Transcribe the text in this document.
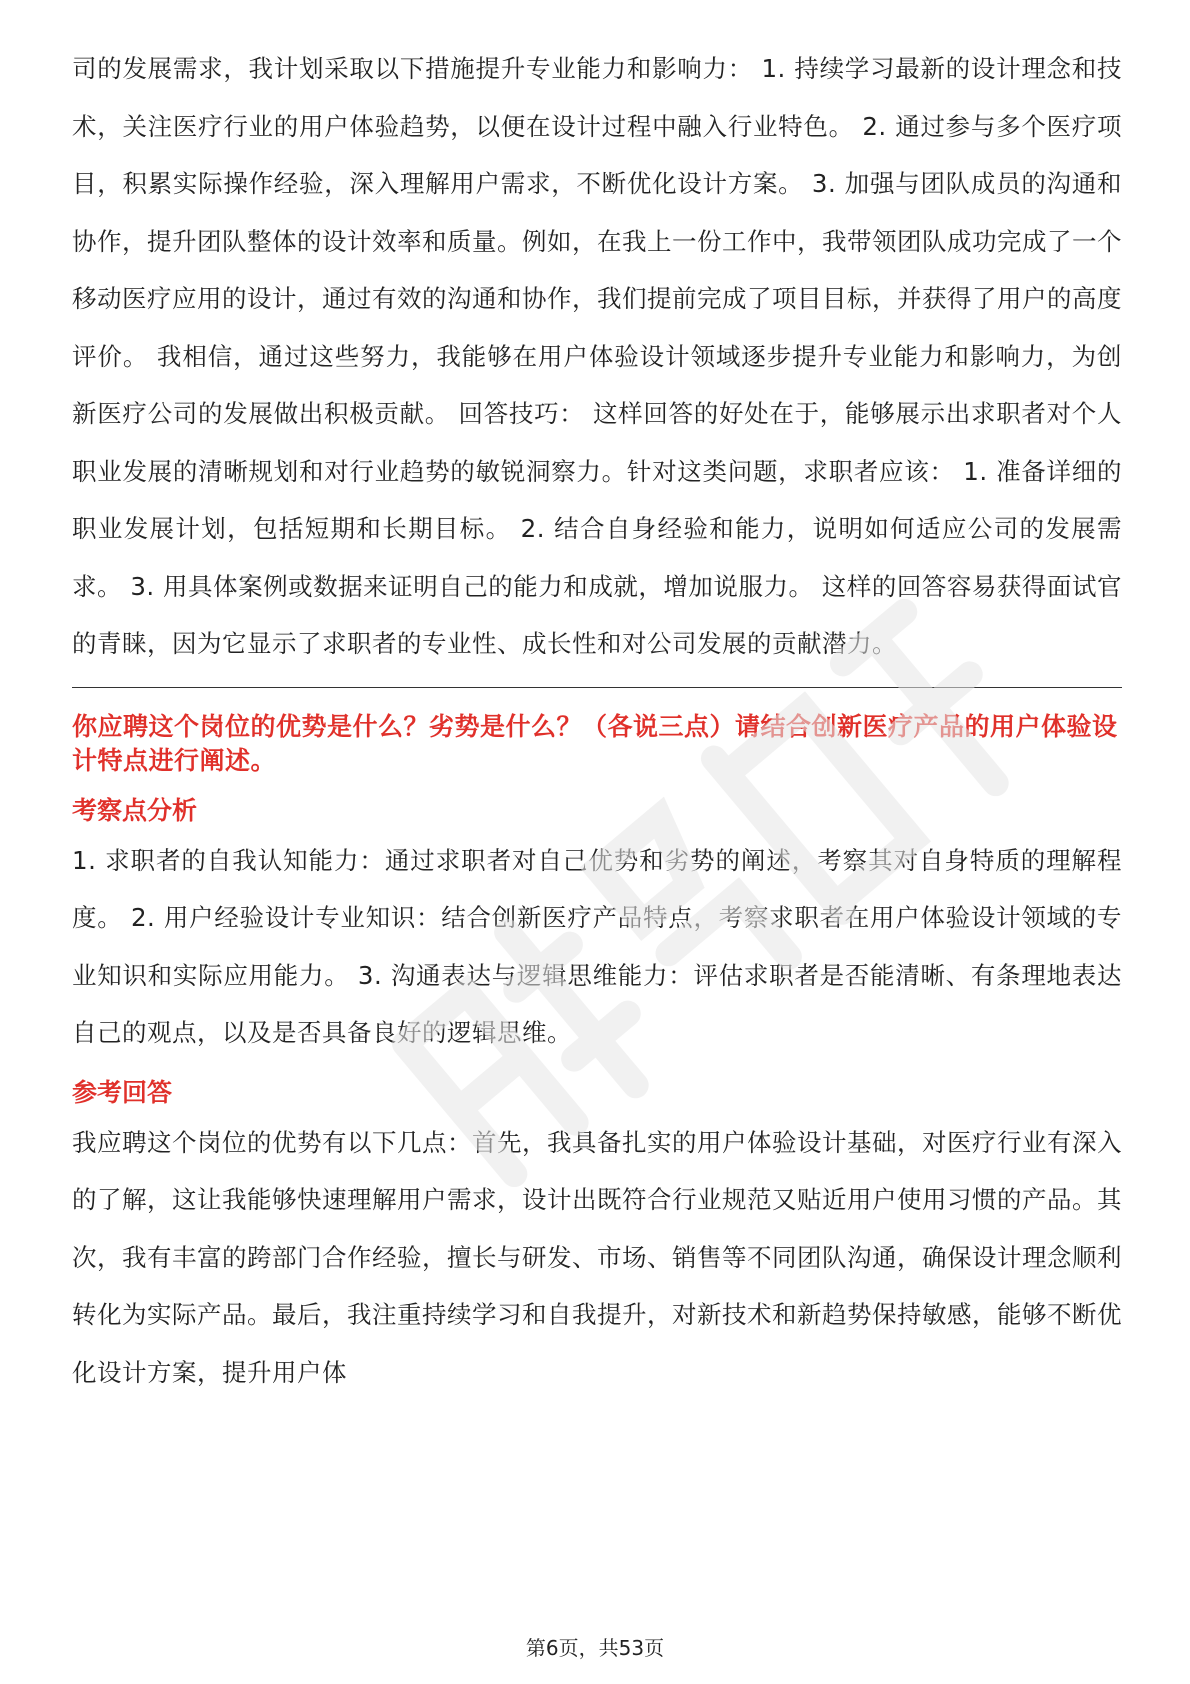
司的发展需求，我计划采取以下措施提升专业能力和影响力： 1. 持续学习最新的设计理念和技术，关注医疗行业的用户体验趋势，以便在设计过程中融入行业特色。 2. 通过参与多个医疗项目，积累实际操作经验，深入理解用户需求，不断优化设计方案。 3. 加强与团队成员的沟通和协作，提升团队整体的设计效率和质量。例如，在我上一份工作中，我带领团队成功完成了一个移动医疗应用的设计，通过有效的沟通和协作，我们提前完成了项目目标，并获得了用户的高度评价。 我相信，通过这些努力，我能够在用户体验设计领域逐步提升专业能力和影响力，为创新医疗公司的发展做出积极贡献。 回答技巧： 这样回答的好处在于，能够展示出求职者对个人职业发展的清晰规划和对行业趋势的敏锐洞察力。针对这类问题，求职者应该： 1. 准备详细的职业发展计划，包括短期和长期目标。 2. 结合自身经验和能力，说明如何适应公司的发展需求。 3. 用具体案例或数据来证明自己的能力和成就，增加说服力。 这样的回答容易获得面试官的青睐，因为它显示了求职者的专业性、成长性和对公司发展的贡献潜力。

你应聘这个岗位的优势是什么？劣势是什么？（各说三点）请结合创新医疗产品的用户体验设计特点进行阐述。

考察点分析

1. 求职者的自我认知能力：通过求职者对自己优势和劣势的阐述，考察其对自身特质的理解程度。 2. 用户经验设计专业知识：结合创新医疗产品特点，考察求职者在用户体验设计领域的专业知识和实际应用能力。 3. 沟通表达与逻辑思维能力：评估求职者是否能清晰、有条理地表达自己的观点，以及是否具备良好的逻辑思维。

参考回答

我应聘这个岗位的优势有以下几点：首先，我具备扎实的用户体验设计基础，对医疗行业有深入的了解，这让我能够快速理解用户需求，设计出既符合行业规范又贴近用户使用习惯的产品。其次，我有丰富的跨部门合作经验，擅长与研发、市场、销售等不同团队沟通，确保设计理念顺利转化为实际产品。最后，我注重持续学习和自我提升，对新技术和新趋势保持敏感，能够不断优化设计方案，提升用户体

第6页，共53页
